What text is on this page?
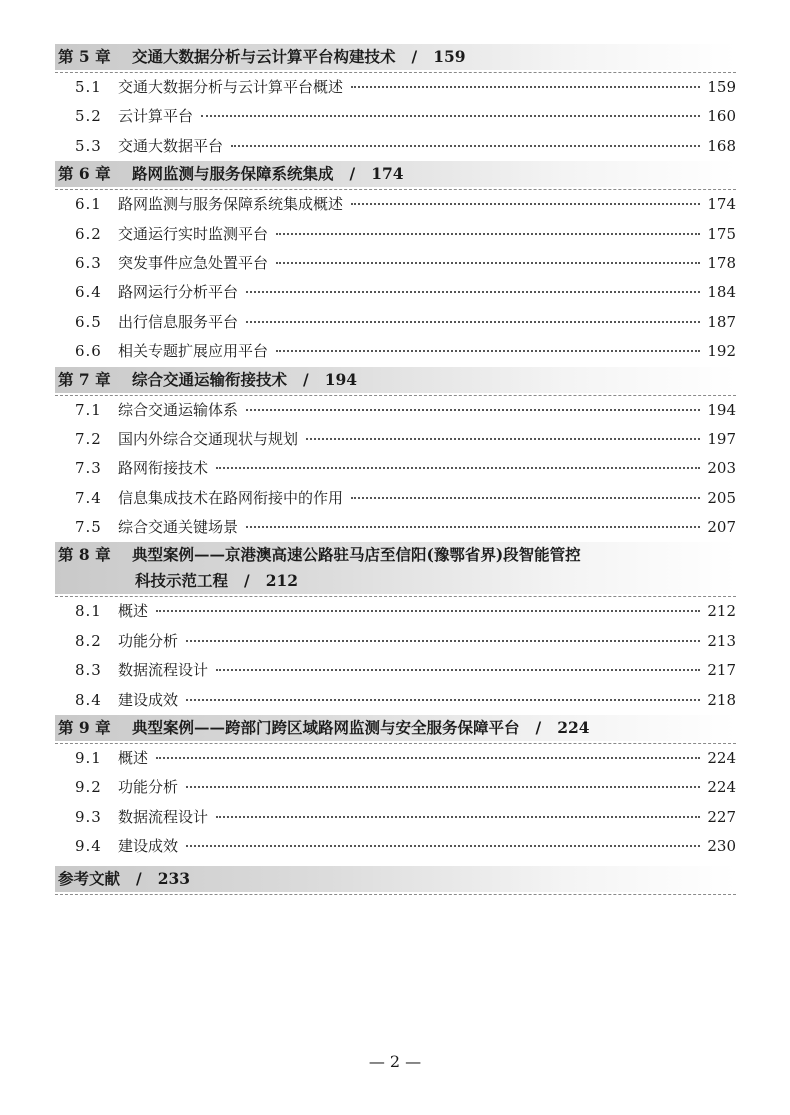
第 5 章 交通大数据分析与云计算平台构建技术 / 159
5.1	交通大数据分析与云计算平台概述	159
5.2	云计算平台	160
5.3	交通大数据平台	168
第 6 章 路网监测与服务保障系统集成 / 174
6.1	路网监测与服务保障系统集成概述	174
6.2	交通运行实时监测平台	175
6.3	突发事件应急处置平台	178
6.4	路网运行分析平台	184
6.5	出行信息服务平台	187
6.6	相关专题扩展应用平台	192
第 7 章 综合交通运输衔接技术 / 194
7.1	综合交通运输体系	194
7.2	国内外综合交通现状与规划	197
7.3	路网衔接技术	203
7.4	信息集成技术在路网衔接中的作用	205
7.5	综合交通关键场景	207
第 8 章 典型案例——京港澳高速公路驻马店至信阳(豫鄂省界)段智能管控
科技示范工程 / 212
8.1	概述	212
8.2	功能分析	213
8.3	数据流程设计	217
8.4	建设成效	218
第 9 章 典型案例——跨部门跨区域路网监测与安全服务保障平台 / 224
9.1	概述	224
9.2	功能分析	224
9.3	数据流程设计	227
9.4	建设成效	230
参考文献 / 233
— 2 —
